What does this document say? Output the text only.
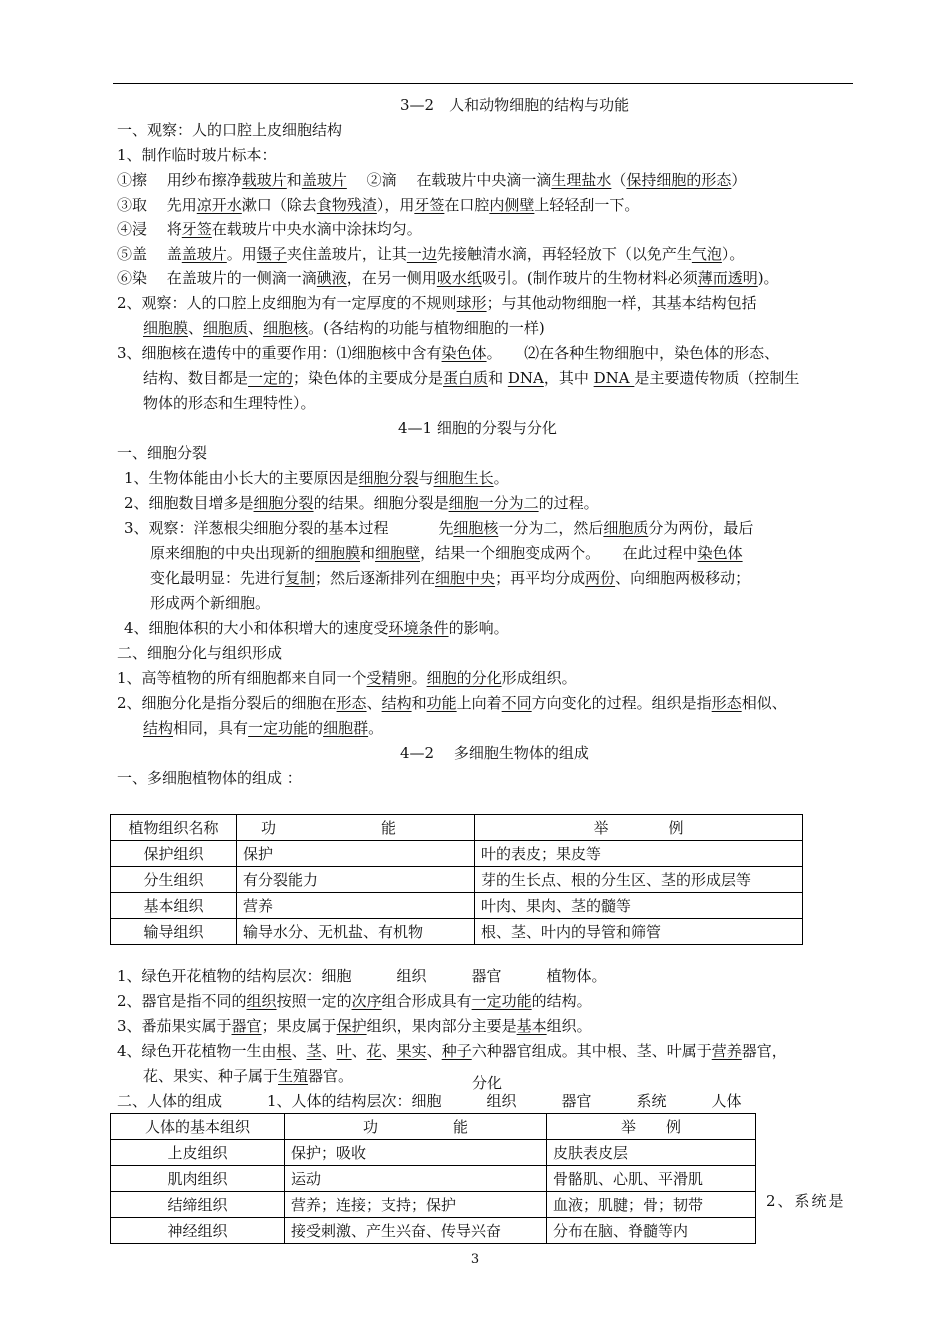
3—2　人和动物细胞的结构与功能
一、观察：人的口腔上皮细胞结构
1、制作临时玻片标本：
①擦　 用纱布擦净载玻片和盖玻片　 ②滴　 在载玻片中央滴一滴生理盐水（保持细胞的形态）
③取　 先用凉开水漱口（除去食物残渣），用牙签在口腔内侧壁上轻轻刮一下。
④浸　 将牙签在载玻片中央水滴中涂抹均匀。
⑤盖　 盖盖玻片。用镊子夹住盖玻片，让其一边先接触清水滴，再轻轻放下（以免产生气泡）。
⑥染　 在盖玻片的一侧滴一滴碘液，在另一侧用吸水纸吸引。(制作玻片的生物材料必须薄而透明)。
2、观察：人的口腔上皮细胞为有一定厚度的不规则球形；与其他动物细胞一样，其基本结构包括
细胞膜、细胞质、细胞核。(各结构的功能与植物细胞的一样)
3、细胞核在遗传中的重要作用：⑴细胞核中含有染色体。　　⑵在各种生物细胞中，染色体的形态、
结构、数目都是一定的；染色体的主要成分是蛋白质和 DNA，其中 DNA 是主要遗传物质（控制生
物体的形态和生理特性）。
4—1 细胞的分裂与分化
一、细胞分裂
1、生物体能由小长大的主要原因是细胞分裂与细胞生长。
2、细胞数目增多是细胞分裂的结果。细胞分裂是细胞一分为二的过程。
3、观察：洋葱根尖细胞分裂的基本过程　　　 先细胞核一分为二，然后细胞质分为两份，最后
原来细胞的中央出现新的细胞膜和细胞壁，结果一个细胞变成两个。　　在此过程中染色体
变化最明显：先进行复制；然后逐渐排列在细胞中央；再平均分成两份、向细胞两极移动；
形成两个新细胞。
4、细胞体积的大小和体积增大的速度受环境条件的影响。
二、细胞分化与组织形成
1、高等植物的所有细胞都来自同一个受精卵。细胞的分化形成组织。
2、细胞分化是指分裂后的细胞在形态、结构和功能上向着不同方向变化的过程。组织是指形态相似、
结构相同，具有一定功能的细胞群。
4—2　 多细胞生物体的组成
一、多细胞植物体的组成 ：
植物组织名称	功　　　　　　　能	举　　　　例
保护组织	保护	叶的表皮；果皮等
分生组织	有分裂能力	芽的生长点、根的分生区、茎的形成层等
基本组织	营养	叶肉、果肉、茎的髓等
输导组织	输导水分、无机盐、有机物	根、茎、叶内的导管和筛管
1、绿色开花植物的结构层次：细胞　　　组织　　　器官　　　植物体。
2、器官是指不同的组织按照一定的次序组合形成具有一定功能的结构。
3、番茄果实属于器官；果皮属于保护组织，果肉部分主要是基本组织。
4、绿色开花植物一生由根、茎、叶、花、果实、种子六种器官组成。其中根、茎、叶属于营养器官，
花、果实、种子属于生殖器官。	分化
二、人体的组成　　　1、人体的结构层次：细胞　　　组织　　　器官　　　系统　　　人体
人体的基本组织	功　　　　　能	举　　例
上皮组织	保护；吸收	皮肤表皮层
肌肉组织	运动	骨骼肌、心肌、平滑肌
结缔组织	营养；连接；支持；保护	血液；肌腱；骨；韧带
神经组织	接受刺激、产生兴奋、传导兴奋	分布在脑、脊髓等内
2、系统是
3
